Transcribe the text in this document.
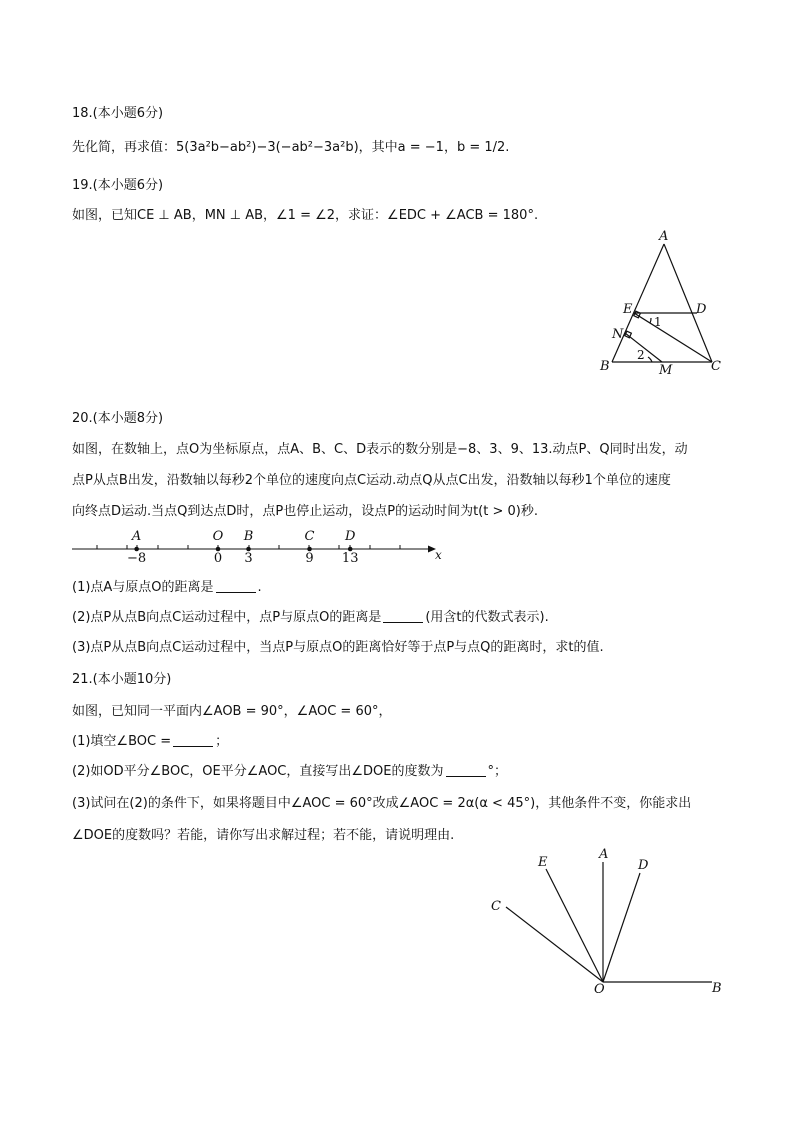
18.(本小题6分)
先化简，再求值：5(3a²b−ab²)−3(−ab²−3a²b)，其中a = −1，b = 1/2.
19.(本小题6分)
如图，已知CE ⊥ AB，MN ⊥ AB，∠1 = ∠2，求证：∠EDC + ∠ACB = 180°.
A
E	D
N
1
2
B	M	C
20.(本小题8分)
如图，在数轴上，点O为坐标原点，点A、B、C、D表示的数分别是−8、3、9、13.动点P、Q同时出发，动
点P从点B出发，沿数轴以每秒2个单位的速度向点C运动.动点Q从点C出发，沿数轴以每秒1个单位的速度
向终点D运动.当点Q到达点D时，点P也停止运动，设点P的运动时间为t(t > 0)秒.
A
−8
O
0
B
3
C
9
D
13	x
(1)点A与原点O的距离是	.
(2)点P从点B向点C运动过程中，点P与原点O的距离是	(用含t的代数式表示).
(3)点P从点B向点C运动过程中，当点P与原点O的距离恰好等于点P与点Q的距离时，求t的值.
21.(本小题10分)
如图，已知同一平面内∠AOB = 90°，∠AOC = 60°，
(1)填空∠BOC =	；
(2)如OD平分∠BOC，OE平分∠AOC，直接写出∠DOE的度数为	°；
(3)试问在(2)的条件下，如果将题目中∠AOC = 60°改成∠AOC = 2α(α < 45°)，其他条件不变，你能求出
∠DOE的度数吗？若能，请你写出求解过程；若不能，请说明理由.
A
E	D
C
O	B
